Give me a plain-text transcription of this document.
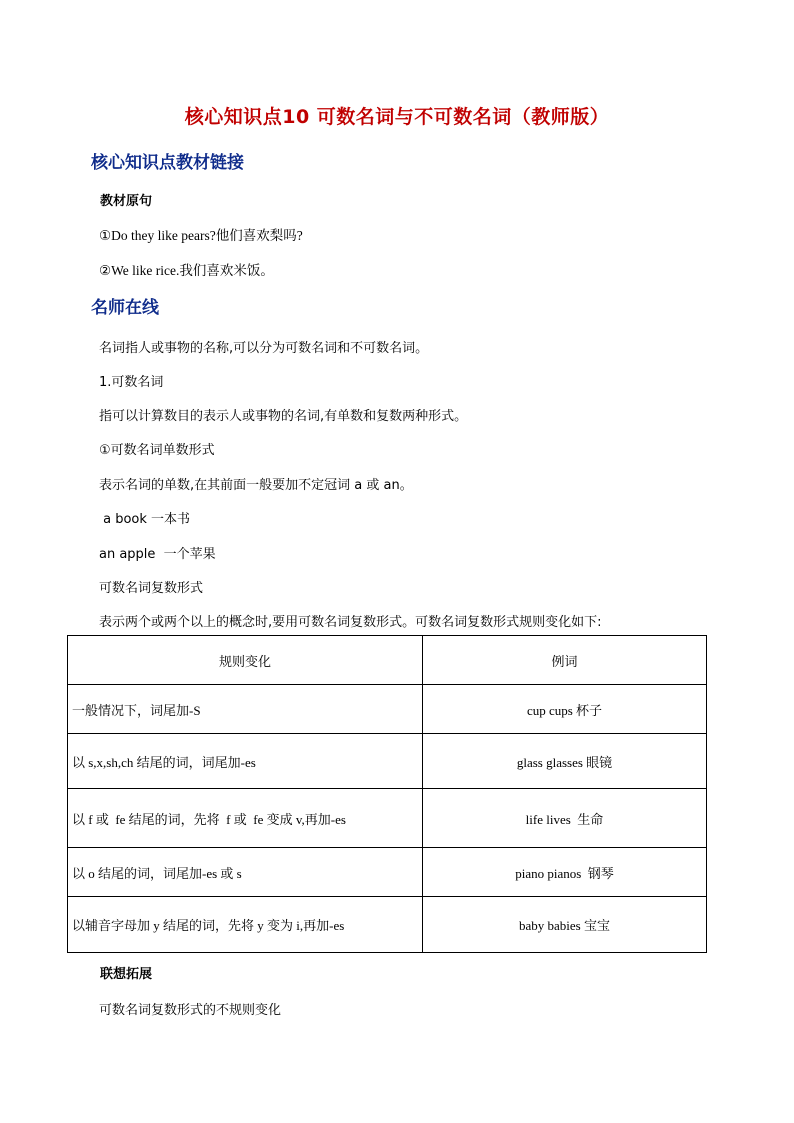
核心知识点10 可数名词与不可数名词（教师版）
核心知识点教材链接
教材原句
①Do they like pears?他们喜欢梨吗?
②We like rice.我们喜欢米饭。
名师在线
名词指人或事物的名称,可以分为可数名词和不可数名词。
1.可数名词
指可以计算数目的表示人或事物的名词,有单数和复数两种形式。
①可数名词单数形式
表示名词的单数,在其前面一般要加不定冠词 a 或 an。
a book 一本书
an apple  一个苹果
可数名词复数形式
表示两个或两个以上的概念时,要用可数名词复数形式。可数名词复数形式规则变化如下:
规则变化	例词
一般情况下，词尾加-S	cup cups 杯子
以 s,x,sh,ch 结尾的词，词尾加-es	glass glasses 眼镜
以 f 或  fe 结尾的词，先将  f 或  fe 变成 v,再加-es	life lives  生命
以 o 结尾的词，词尾加-es 或 s	piano pianos  钢琴
以辅音字母加 y 结尾的词，先将 y 变为 i,再加-es	baby babies 宝宝
联想拓展
可数名词复数形式的不规则变化
